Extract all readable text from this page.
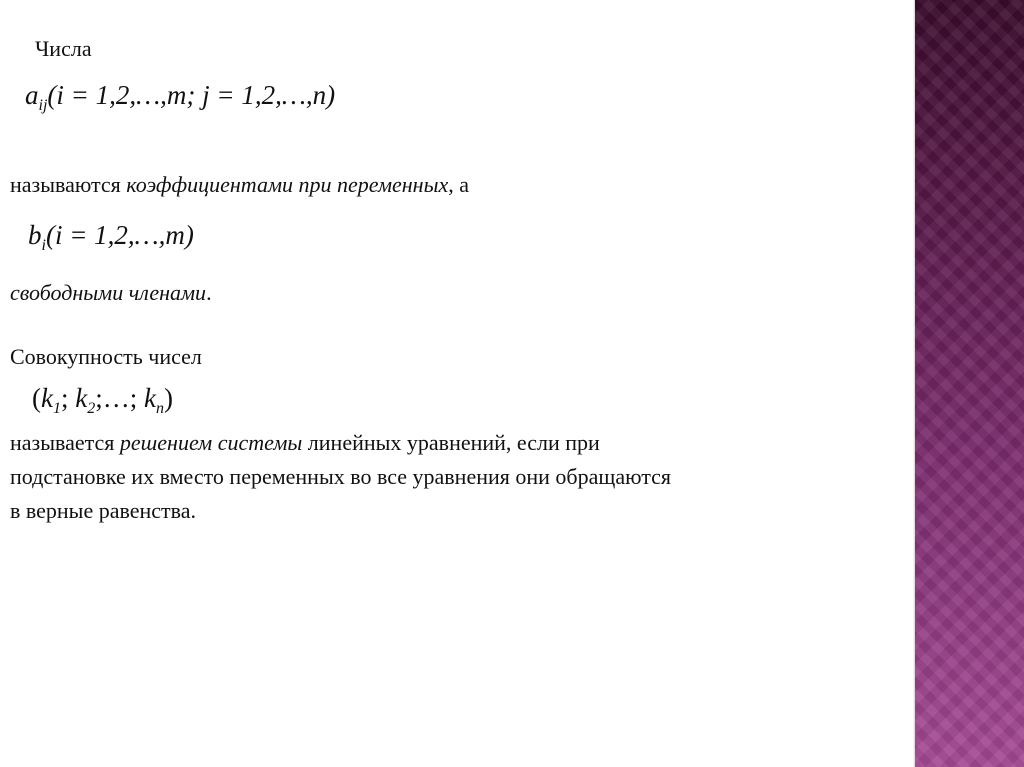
Числа
$a_{ij}(i$ = 1,2,…,m; j = 1,2,…,n)
называются коэффициентами при переменных, а
$b_i(i$ = 1,2,…,m)
свободными членами.
Совокупность чисел
($k_1$; $k_2;\dots$; $k_n$)
называется решением системы линейных уравнений, если при
подстановке их вместо переменных во все уравнения они обращаются
в верные равенства.
